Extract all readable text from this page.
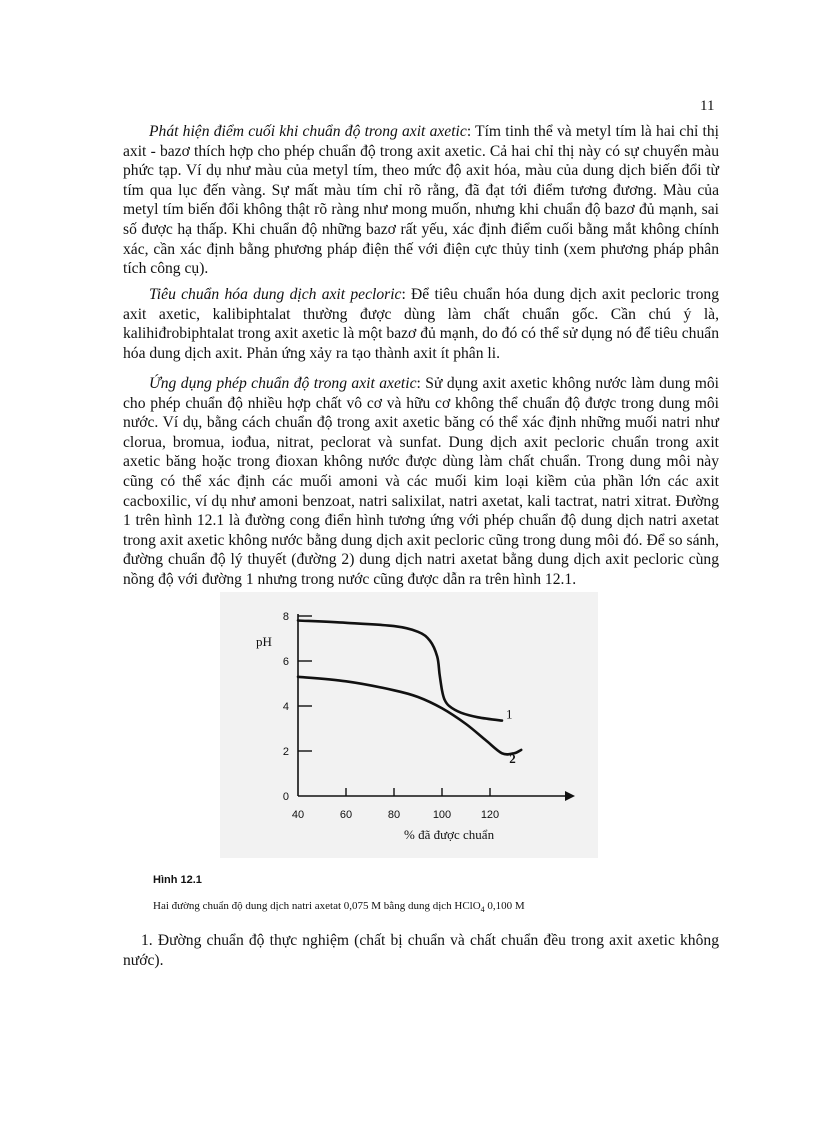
11

Phát hiện điểm cuối khi chuẩn độ trong axit axetic: Tím tinh thể và metyl tím là hai chỉ thị axit - bazơ thích hợp cho phép chuẩn độ trong axit axetic. Cả hai chỉ thị này có sự chuyển màu phức tạp. Ví dụ như màu của metyl tím, theo mức độ axit hóa, màu của dung dịch biến đổi từ tím qua lục đến vàng. Sự mất màu tím chỉ rõ rằng, đã đạt tới điểm tương đương. Màu của metyl tím biến đổi không thật rõ ràng như mong muốn, nhưng khi chuẩn độ bazơ đủ mạnh, sai số được hạ thấp. Khi chuẩn độ những bazơ rất yếu, xác định điểm cuối bằng mắt không chính xác, cần xác định bằng phương pháp điện thế với điện cực thủy tinh (xem phương pháp phân tích công cụ).

Tiêu chuẩn hóa dung dịch axit pecloric: Để tiêu chuẩn hóa dung dịch axit pecloric trong axit axetic, kalibiphtalat thường được dùng làm chất chuẩn gốc. Cần chú ý là, kalihiđrobiphtalat trong axit axetic là một bazơ đủ mạnh, do đó có thể sử dụng nó để tiêu chuẩn hóa dung dịch axit. Phản ứng xảy ra tạo thành axit ít phân li.

Ứng dụng phép chuẩn độ trong axit axetic: Sử dụng axit axetic không nước làm dung môi cho phép chuẩn độ nhiều hợp chất vô cơ và hữu cơ không thể chuẩn độ được trong dung môi nước. Ví dụ, bằng cách chuẩn độ trong axit axetic băng có thể xác định những muối natri như clorua, bromua, iođua, nitrat, peclorat và sunfat. Dung dịch axit pecloric chuẩn trong axit axetic băng hoặc trong đioxan không nước được dùng làm chất chuẩn. Trong dung môi này cũng có thể xác định các muối amoni và các muối kim loại kiềm của phần lớn các axit cacboxilic, ví dụ như amoni benzoat, natri salixilat, natri axetat, kali tactrat, natri xitrat. Đường 1 trên hình 12.1 là đường cong điển hình tương ứng với phép chuẩn độ dung dịch natri axetat trong axit axetic không nước bằng dung dịch axit pecloric cũng trong dung môi đó. Để so sánh, đường chuẩn độ lý thuyết (đường 2) dung dịch natri axetat bằng dung dịch axit pecloric cùng nồng độ với đường 1 nhưng trong nước cũng được dẫn ra trên hình 12.1.

pH
% đã được chuẩn
0
2
4
6
8
40	60	80	100	120
1
2
Hình 12.1
Hai đường chuẩn độ dung dịch natri axetat 0,075 M bằng dung dịch HClO$_4$ 0,100 M

1. Đường chuẩn độ thực nghiệm (chất bị chuẩn và chất chuẩn đều trong axit axetic không nước).
